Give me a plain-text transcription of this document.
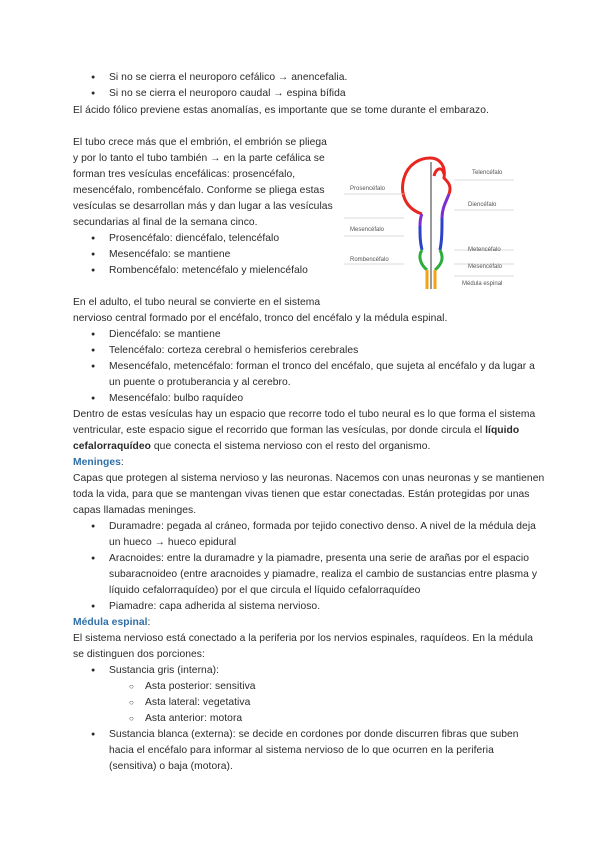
● Si no se cierra el neuroporo cefálico → anencefalia.
● Si no se cierra el neuroporo caudal → espina bífida
El ácido fólico previene estas anomalías, es importante que se tome durante el embarazo.
El tubo crece más que el embrión, el embrión se pliega
y por lo tanto el tubo también → en la parte cefálica se
forman tres vesículas encefálicas: prosencéfalo,
mesencéfalo, rombencéfalo. Conforme se pliega estas
vesículas se desarrollan más y dan lugar a las vesículas
secundarias al final de la semana cinco.
● Prosencéfalo: diencéfalo, telencéfalo
● Mesencéfalo: se mantiene
● Rombencéfalo: metencéfalo y mielencéfalo
Prosencéfalo
Telencéfalo
Diencéfalo
Mesencéfalo
Rombencéfalo
Metencéfalo
Mesencéfalo
Médula espinal
En el adulto, el tubo neural se convierte en el sistema
nervioso central formado por el encéfalo, tronco del encéfalo y la médula espinal.
● Diencéfalo: se mantiene
● Telencéfalo: corteza cerebral o hemisferios cerebrales
● Mesencéfalo, metencéfalo: forman el tronco del encéfalo, que sujeta al encéfalo y da lugar a
un puente o protuberancia y al cerebro.
● Mesencéfalo: bulbo raquídeo
Dentro de estas vesículas hay un espacio que recorre todo el tubo neural es lo que forma el sistema
ventricular, este espacio sigue el recorrido que forman las vesículas, por donde circula el líquido
cefalorraquídeo que conecta el sistema nervioso con el resto del organismo.
Meninges:
Capas que protegen al sistema nervioso y las neuronas. Nacemos con unas neuronas y se mantienen
toda la vida, para que se mantengan vivas tienen que estar conectadas. Están protegidas por unas
capas llamadas meninges.
● Duramadre: pegada al cráneo, formada por tejido conectivo denso. A nivel de la médula deja
un hueco → hueco epidural
● Aracnoides: entre la duramadre y la piamadre, presenta una serie de arañas por el espacio
subaracnoideo (entre aracnoides y piamadre, realiza el cambio de sustancias entre plasma y
líquido cefalorraquídeo) por el que circula el líquido cefalorraquídeo
● Piamadre: capa adherida al sistema nervioso.
Médula espinal:
El sistema nervioso está conectado a la periferia por los nervios espinales, raquídeos. En la médula
se distinguen dos porciones:
● Sustancia gris (interna):
○ Asta posterior: sensitiva
○ Asta lateral: vegetativa
○ Asta anterior: motora
● Sustancia blanca (externa): se decide en cordones por donde discurren fibras que suben
hacia el encéfalo para informar al sistema nervioso de lo que ocurren en la periferia
(sensitiva) o baja (motora).
